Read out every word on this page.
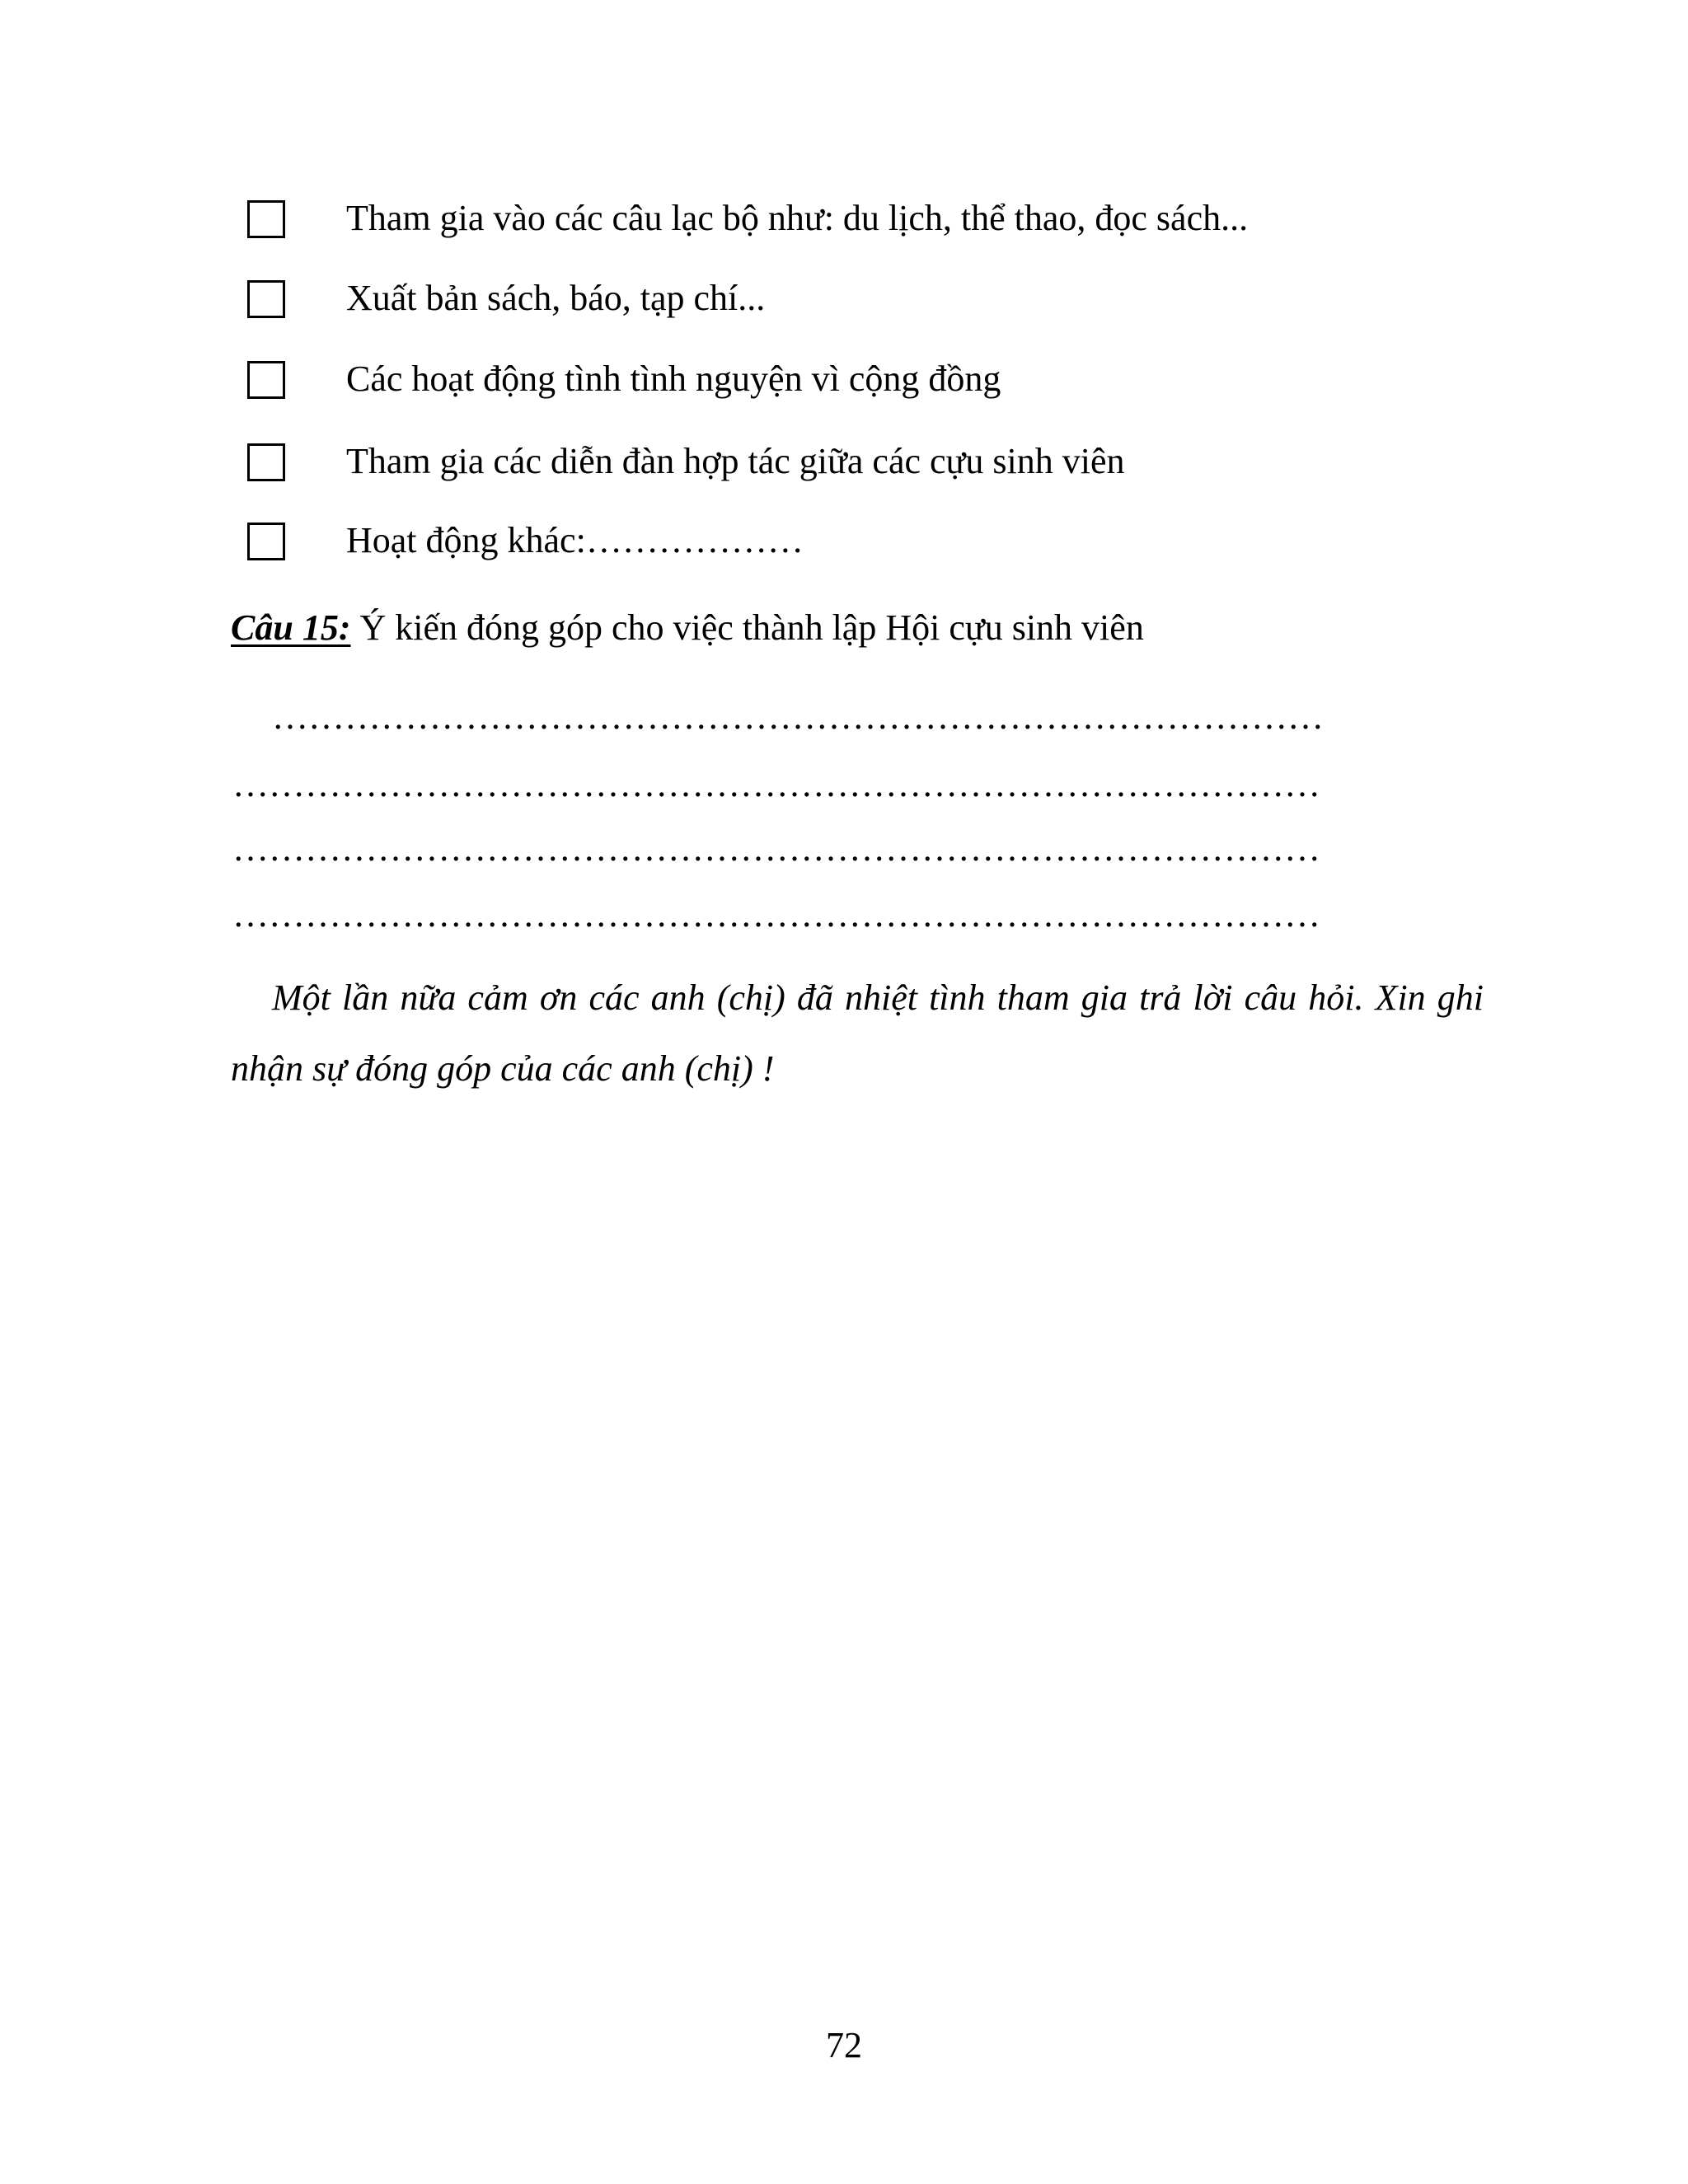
Tham gia vào các câu lạc bộ như: du lịch, thể thao, đọc sách...
Xuất bản sách, báo, tạp chí...
Các hoạt động tình tình nguyện vì cộng đồng
Tham gia các diễn đàn hợp tác giữa các cựu sinh viên
Hoạt động khác:………………
Câu 15: Ý kiến đóng góp cho việc thành lập Hội cựu sinh viên
……………………………………………………………………………
………………………………………………………………………………
………………………………………………………………………………
………………………………………………………………………………
Một lần nữa cảm ơn các anh (chị) đã nhiệt tình tham gia trả lời câu hỏi. Xin ghi nhận sự đóng góp của các anh (chị) !
72
